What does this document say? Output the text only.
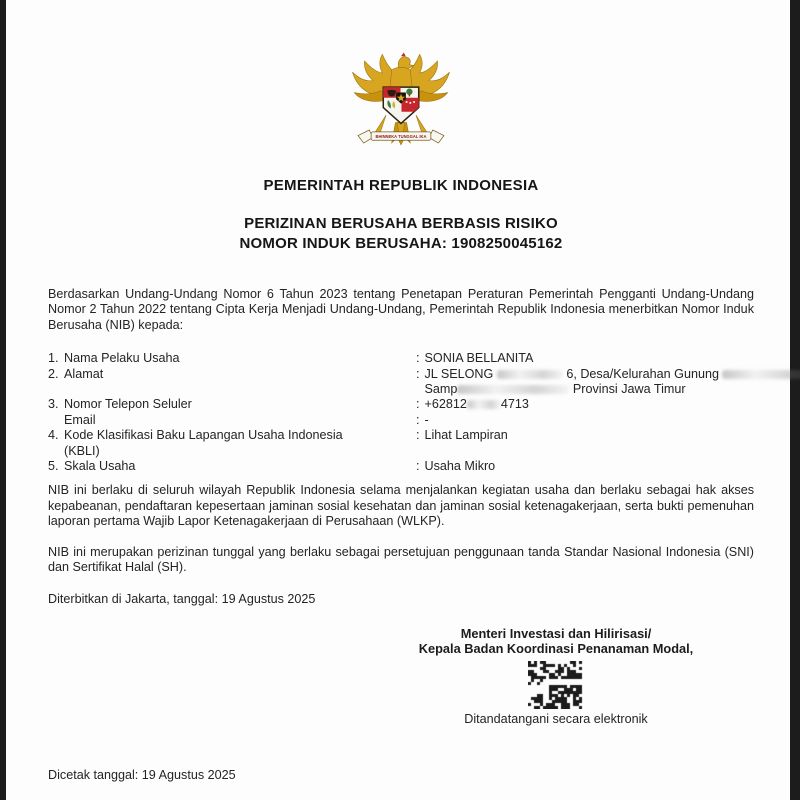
BHINNEKA TUNGGAL IKA
PEMERINTAH REPUBLIK INDONESIA
PERIZINAN BERUSAHA BERBASIS RISIKO
NOMOR INDUK BERUSAHA: 1908250045162
Berdasarkan Undang-Undang Nomor 6 Tahun 2023 tentang Penetapan Peraturan Pemerintah Pengganti Undang-Undang Nomor 2 Tahun 2022 tentang Cipta Kerja Menjadi Undang-Undang, Pemerintah Republik Indonesia menerbitkan Nomor Induk Berusaha (NIB) kepada:
1. Nama Pelaku Usaha	: SONIA BELLANITA
2. Alamat	: JL SELONG	6, Desa/Kelurahan Gunung
Samp	Provinsi Jawa Timur
3. Nomor Telepon Seluler	: +62812	4713
Email	: -
4. Kode Klasifikasi Baku Lapangan Usaha Indonesia	: Lihat Lampiran
(KBLI)
5. Skala Usaha	: Usaha Mikro
NIB ini berlaku di seluruh wilayah Republik Indonesia selama menjalankan kegiatan usaha dan berlaku sebagai hak akses kepabeanan, pendaftaran kepesertaan jaminan sosial kesehatan dan jaminan sosial ketenagakerjaan, serta bukti pemenuhan laporan pertama Wajib Lapor Ketenagakerjaan di Perusahaan (WLKP).
NIB ini merupakan perizinan tunggal yang berlaku sebagai persetujuan penggunaan tanda Standar Nasional Indonesia (SNI) dan Sertifikat Halal (SH).
Diterbitkan di Jakarta, tanggal: 19 Agustus 2025
Menteri Investasi dan Hilirisasi/
Kepala Badan Koordinasi Penanaman Modal,
Ditandatangani secara elektronik
Dicetak tanggal: 19 Agustus 2025
